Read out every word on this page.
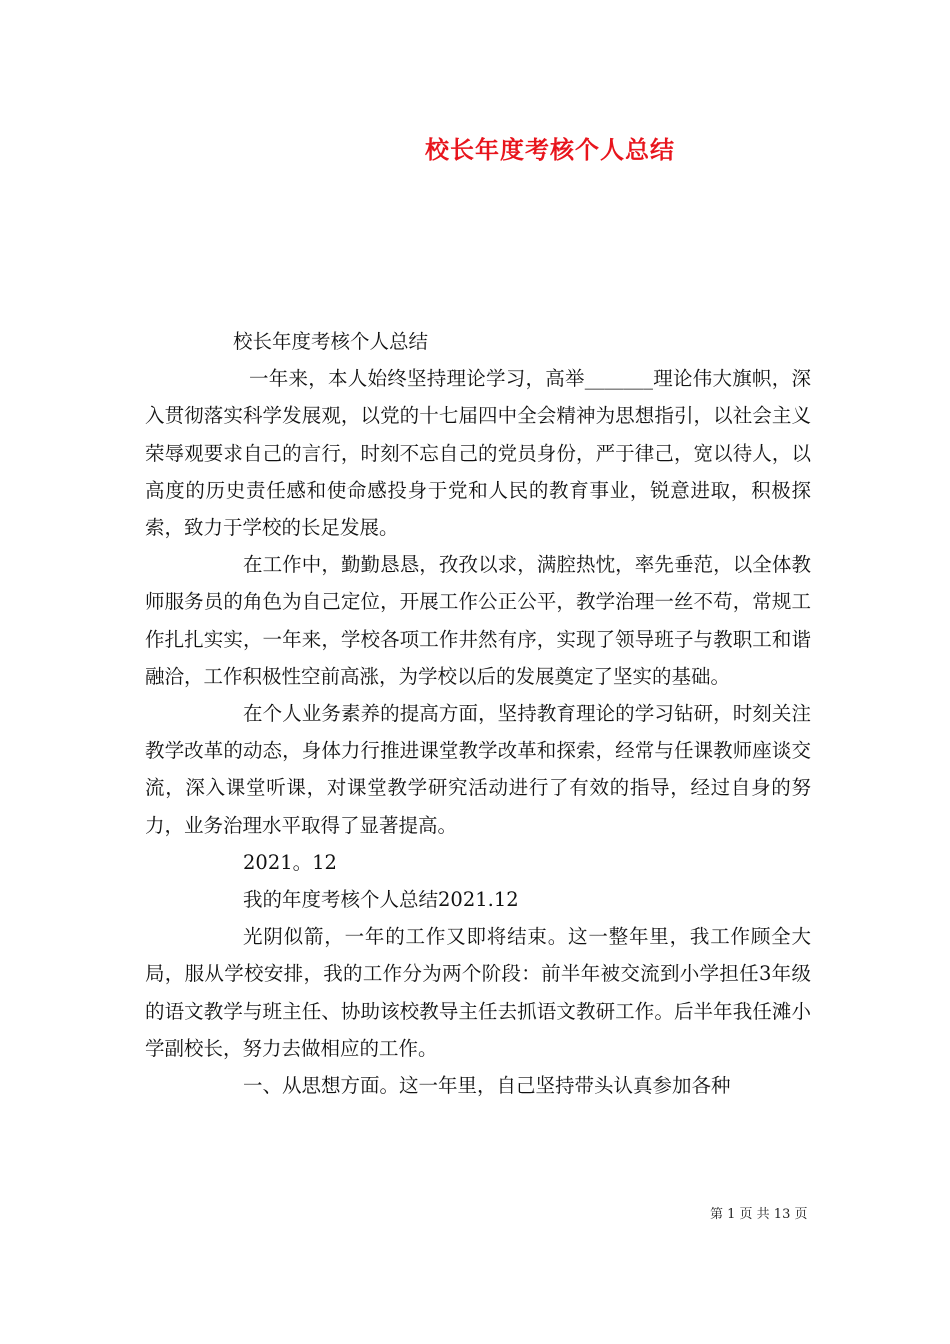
校长年度考核个人总结

校长年度考核个人总结

一年来，本人始终坚持理论学习，高举_______理论伟大旗帜，深入贯彻落实科学发展观，以党的十七届四中全会精神为思想指引，以社会主义荣辱观要求自己的言行，时刻不忘自己的党员身份，严于律己，宽以待人，以高度的历史责任感和使命感投身于党和人民的教育事业，锐意进取，积极探索，致力于学校的长足发展。

在工作中，勤勤恳恳，孜孜以求，满腔热忱，率先垂范，以全体教师服务员的角色为自己定位，开展工作公正公平，教学治理一丝不苟，常规工作扎扎实实，一年来，学校各项工作井然有序，实现了领导班子与教职工和谐融洽，工作积极性空前高涨，为学校以后的发展奠定了坚实的基础。

在个人业务素养的提高方面，坚持教育理论的学习钻研，时刻关注教学改革的动态，身体力行推进课堂教学改革和探索，经常与任课教师座谈交流，深入课堂听课，对课堂教学研究活动进行了有效的指导，经过自身的努力，业务治理水平取得了显著提高。

2021。12

我的年度考核个人总结2021.12

光阴似箭，一年的工作又即将结束。这一整年里，我工作顾全大局，服从学校安排，我的工作分为两个阶段：前半年被交流到小学担任3年级的语文教学与班主任、协助该校教导主任去抓语文教研工作。后半年我任滩小学副校长，努力去做相应的工作。

一、从思想方面。这一年里，自己坚持带头认真参加各种

第 1 页 共 13 页
